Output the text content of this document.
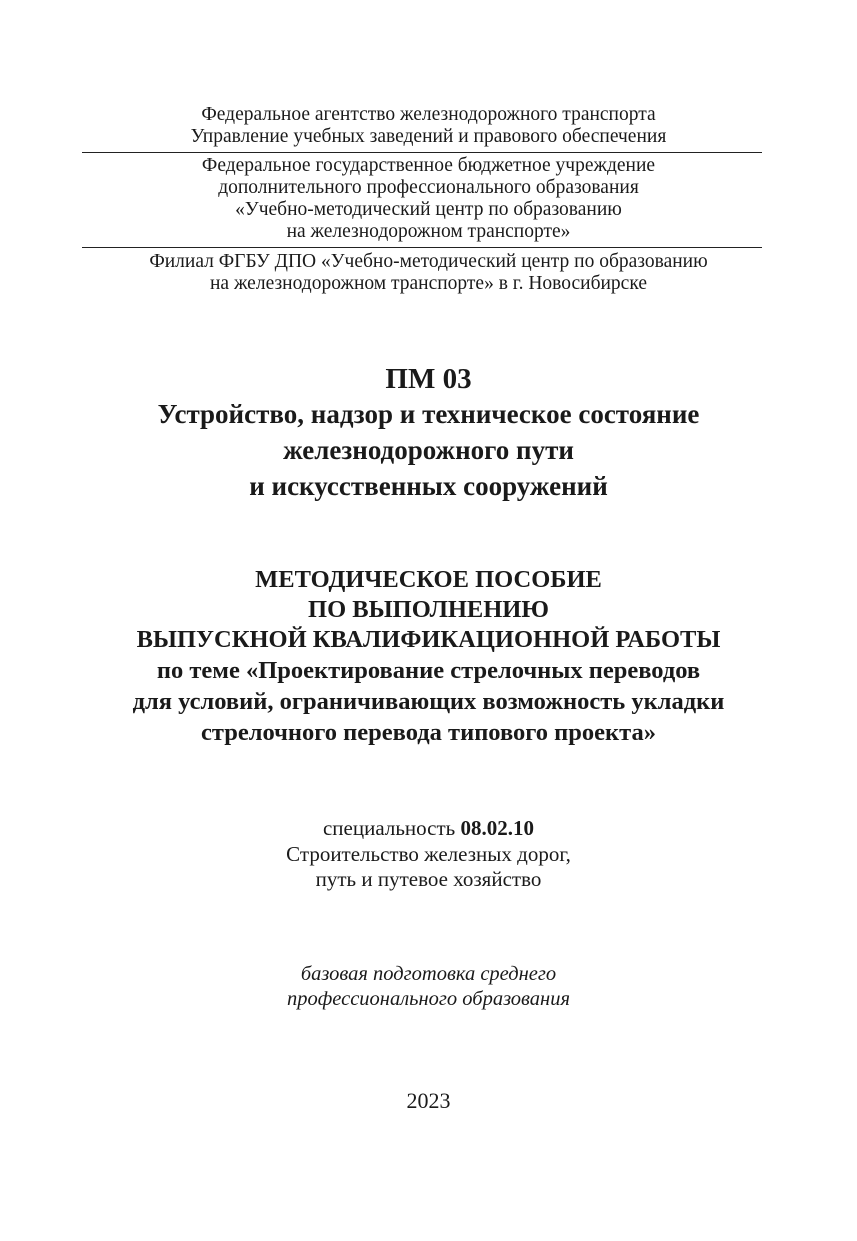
Федеральное агентство железнодорожного транспорта
Управление учебных заведений и правового обеспечения
Федеральное государственное бюджетное учреждение
дополнительного профессионального образования
«Учебно-методический центр по образованию
на железнодорожном транспорте»
Филиал ФГБУ ДПО «Учебно-методический центр по образованию
на железнодорожном транспорте» в г. Новосибирске
ПМ 03
Устройство, надзор и техническое состояние
железнодорожного пути
и искусственных сооружений
МЕТОДИЧЕСКОЕ ПОСОБИЕ
ПО ВЫПОЛНЕНИЮ
ВЫПУСКНОЙ КВАЛИФИКАЦИОННОЙ РАБОТЫ
по теме «Проектирование стрелочных переводов
для условий, ограничивающих возможность укладки
стрелочного перевода типового проекта»
специальность 08.02.10
Строительство железных дорог,
путь и путевое хозяйство
базовая подготовка среднего
профессионального образования
2023
